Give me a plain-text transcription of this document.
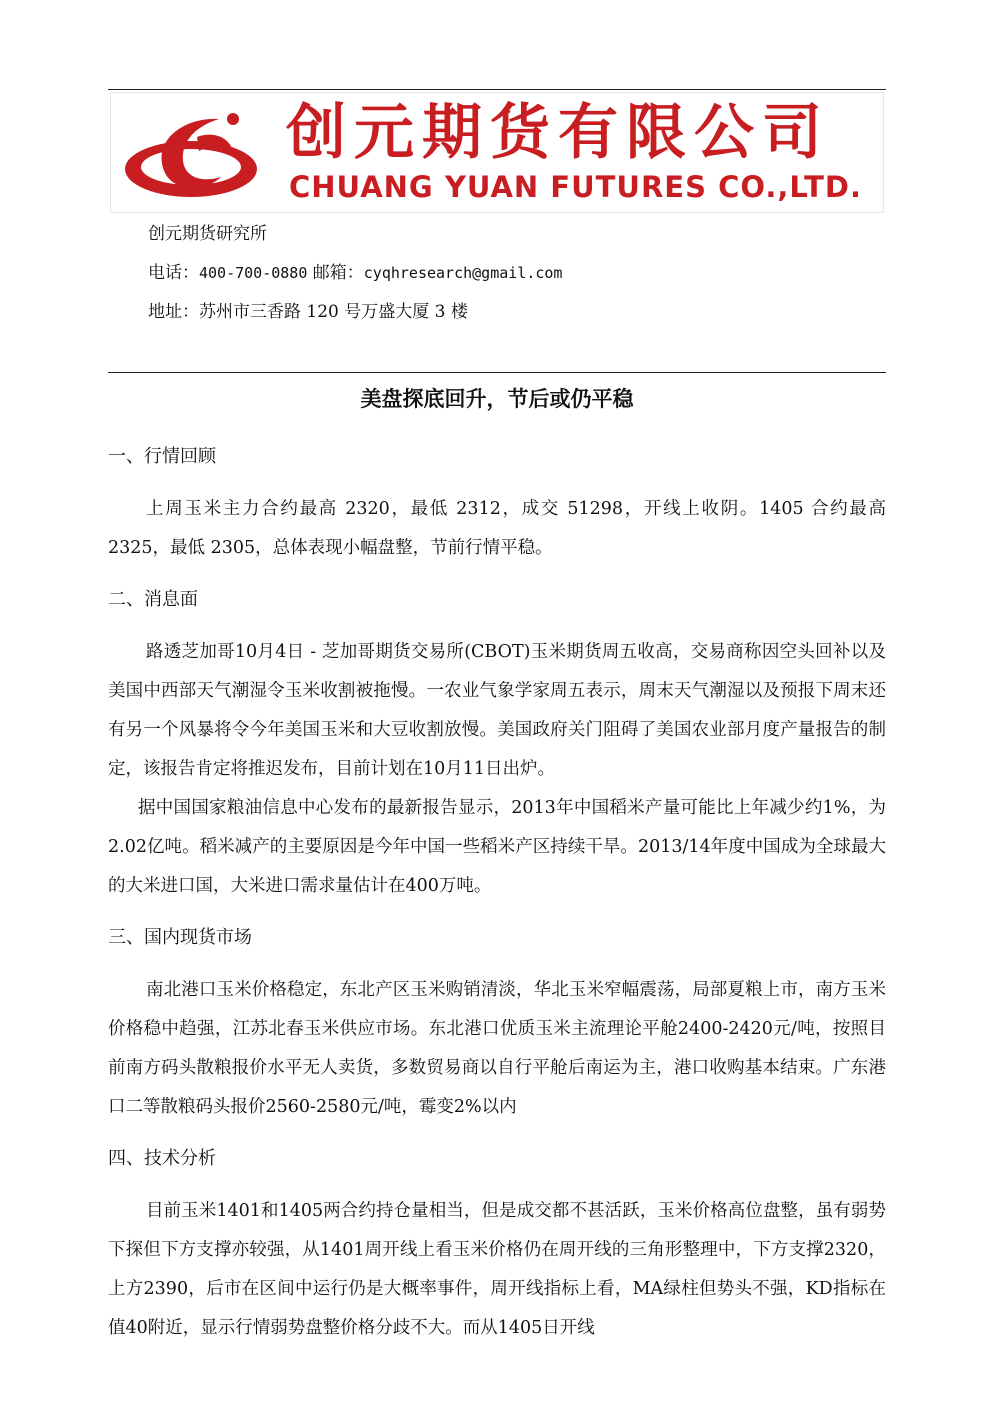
创元期货有限公司
CHUANG YUAN FUTURES CO.,LTD.
创元期货研究所
电话：400-700-0880 邮箱：cyqhresearch@gmail.com
地址：苏州市三香路 120 号万盛大厦 3 楼
美盘探底回升，节后或仍平稳
一、行情回顾

上周玉米主力合约最高 2320，最低 2312，成交 51298，开线上收阴。1405 合约最高 2325，最低 2305，总体表现小幅盘整，节前行情平稳。

二、消息面

路透芝加哥10月4日 - 芝加哥期货交易所(CBOT)玉米期货周五收高，交易商称因空头回补以及美国中西部天气潮湿令玉米收割被拖慢。一农业气象学家周五表示，周末天气潮湿以及预报下周末还有另一个风暴将令今年美国玉米和大豆收割放慢。美国政府关门阻碍了美国农业部月度产量报告的制定，该报告肯定将推迟发布，目前计划在10月11日出炉。

据中国国家粮油信息中心发布的最新报告显示，2013年中国稻米产量可能比上年减少约1%，为2.02亿吨。稻米减产的主要原因是今年中国一些稻米产区持续干旱。2013/14年度中国成为全球最大的大米进口国，大米进口需求量估计在400万吨。

三、国内现货市场

南北港口玉米价格稳定，东北产区玉米购销清淡，华北玉米窄幅震荡，局部夏粮上市，南方玉米价格稳中趋强，江苏北春玉米供应市场。东北港口优质玉米主流理论平舱2400-2420元/吨，按照目前南方码头散粮报价水平无人卖货，多数贸易商以自行平舱后南运为主，港口收购基本结束。广东港口二等散粮码头报价2560-2580元/吨，霉变2%以内

四、技术分析

目前玉米1401和1405两合约持仓量相当，但是成交都不甚活跃，玉米价格高位盘整，虽有弱势下探但下方支撑亦较强，从1401周开线上看玉米价格仍在周开线的三角形整理中，下方支撑2320，上方2390，后市在区间中运行仍是大概率事件，周开线指标上看，MA绿柱但势头不强，KD指标在值40附近，显示行情弱势盘整价格分歧不大。而从1405日开线
